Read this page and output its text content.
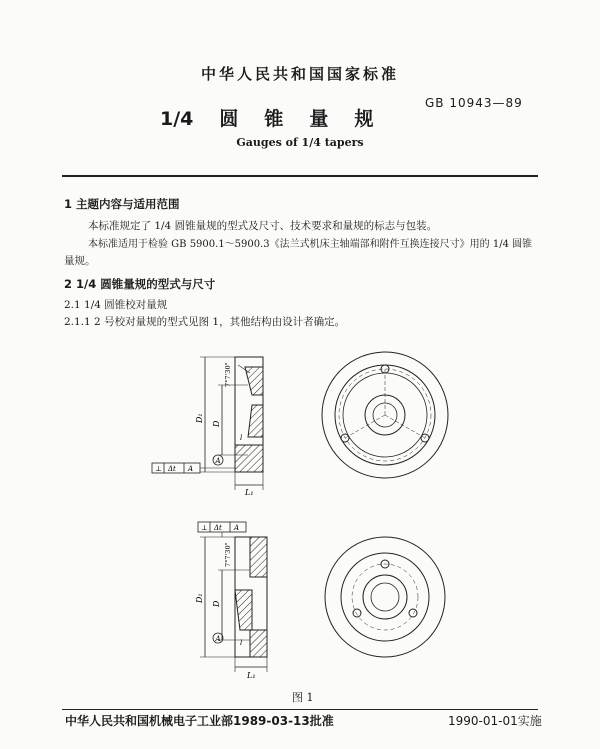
中华人民共和国国家标准
GB 10943—89
1/4 圆 锥 量 规
Gauges of 1/4 tapers
1 主题内容与适用范围
本标准规定了 1/4 圆锥量规的型式及尺寸、技术要求和量规的标志与包装。
本标准适用于检验 GB 5900.1～5900.3《法兰式机床主轴端部和附件互换连接尺寸》用的 1/4 圆锥
量规。
2 1/4 圆锥量规的型式与尺寸
2.1 1/4 圆锥校对量规
2.1.1 2 号校对量规的型式见图 1，其他结构由设计者确定。
D₁
D
7°7'30"
l
L₁
A
⊥ Δt A
D₁
D
7°7'30"
l
L₁
A
⊥ Δt A
图 1
中华人民共和国机械电子工业部1989-03-13批准	1990-01-01实施
